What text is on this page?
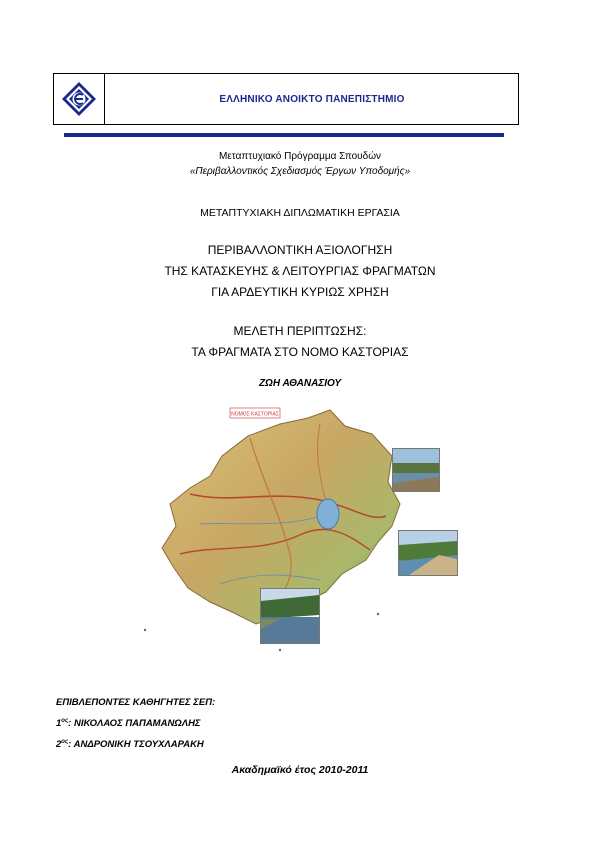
ΕΛΛΗΝΙΚΟ ΑΝΟΙΚΤΟ ΠΑΝΕΠΙΣΤΗΜΙΟ
Μεταπτυχιακό Πρόγραμμα Σπουδών
«Περιβαλλοντικός Σχεδιασμός Έργων Υποδομής»
ΜΕΤΑΠΤΥΧΙΑΚΗ ΔΙΠΛΩΜΑΤΙΚΗ ΕΡΓΑΣΙΑ
ΠΕΡΙΒΑΛΛΟΝΤΙΚΗ ΑΞΙΟΛΟΓΗΣΗ
ΤΗΣ ΚΑΤΑΣΚΕΥΗΣ & ΛΕΙΤΟΥΡΓΙΑΣ ΦΡΑΓΜΑΤΩΝ
ΓΙΑ ΑΡΔΕΥΤΙΚΗ ΚΥΡΙΩΣ ΧΡΗΣΗ
ΜΕΛΕΤΗ ΠΕΡΙΠΤΩΣΗΣ:
ΤΑ ΦΡΑΓΜΑΤΑ ΣΤΟ ΝΟΜΟ ΚΑΣΤΟΡΙΑΣ
ΖΩΗ ΑΘΑΝΑΣΙΟΥ
ΝΟΜΟΣ ΚΑΣΤΟΡΙΑΣ
ΕΠΙΒΛΕΠΟΝΤΕΣ ΚΑΘΗΓΗΤΕΣ ΣΕΠ:
$1^{o\varsigma}$: ΝΙΚΟΛΑΟΣ ΠΑΠΑΜΑΝΩΛΗΣ
$2^{o\varsigma}$: ΑΝΔΡΟΝΙΚΗ ΤΣΟΥΧΛΑΡΑΚΗ
Ακαδημαϊκό έτος 2010-2011
